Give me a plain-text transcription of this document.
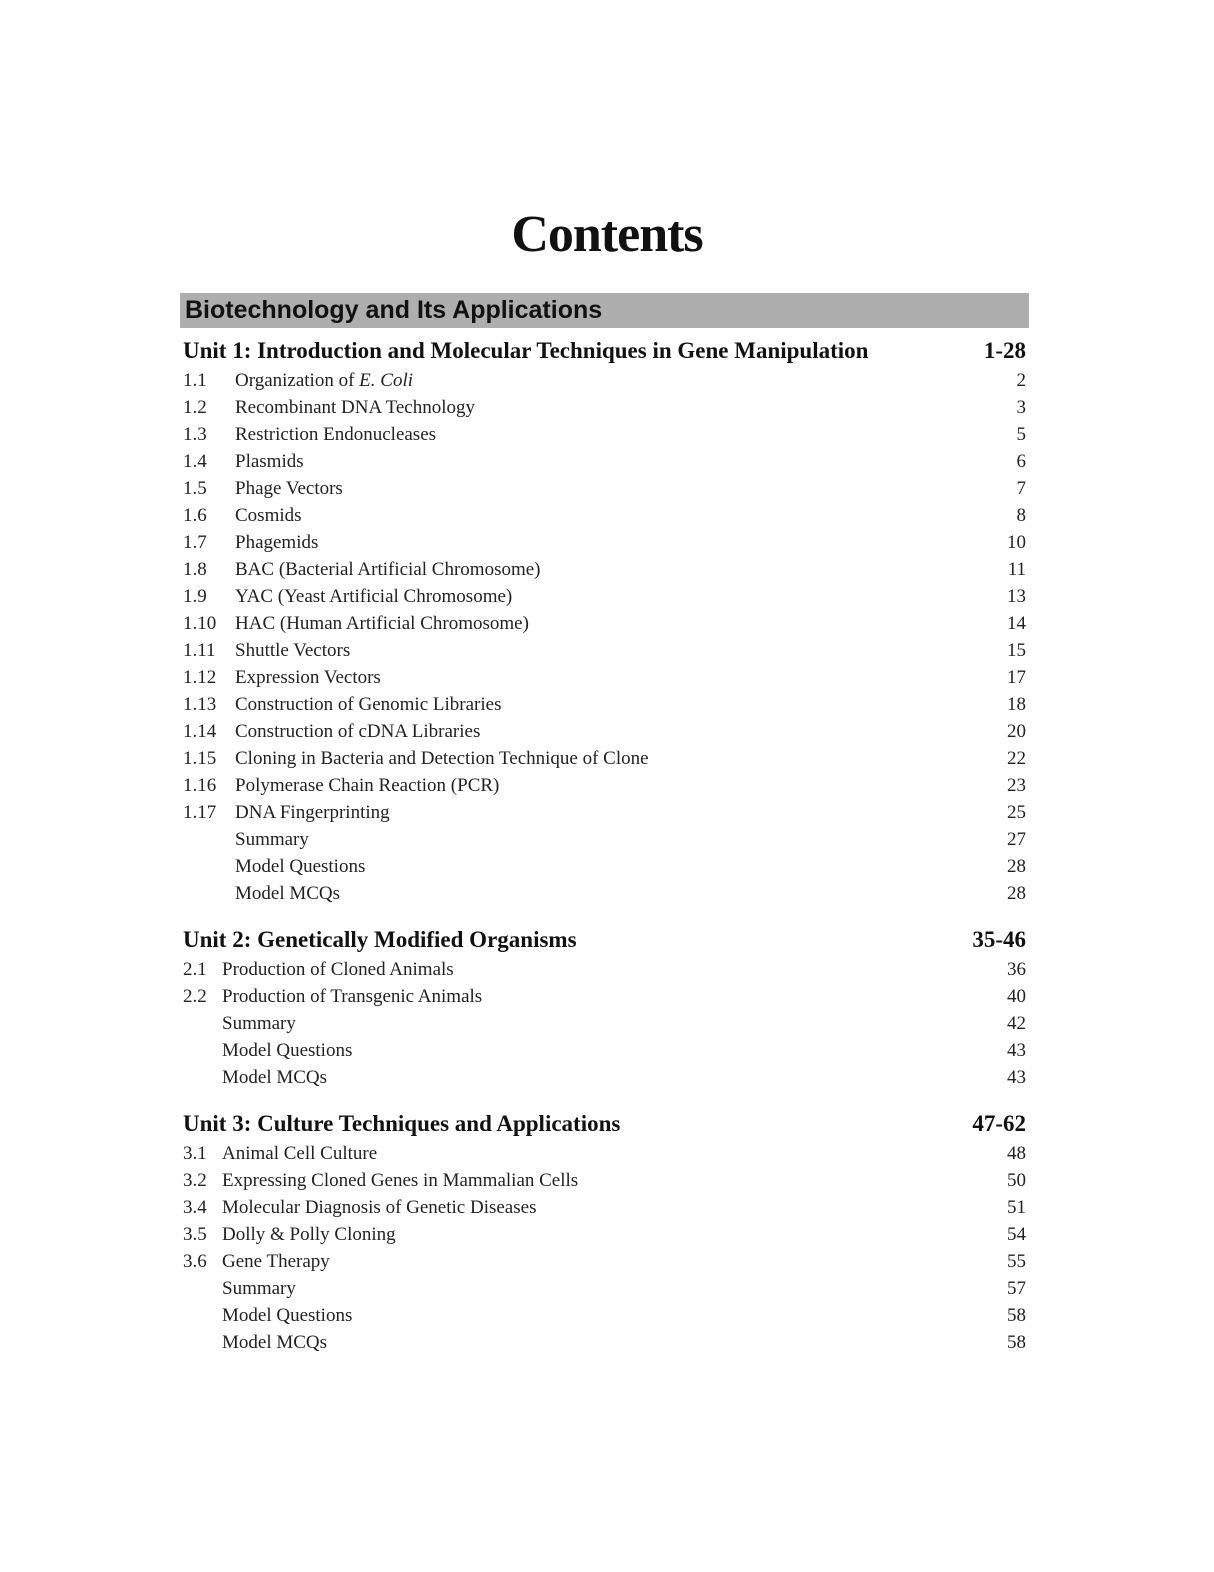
Contents
Biotechnology and Its Applications
Unit 1: Introduction and Molecular Techniques in Gene Manipulation	1-28
1.1	Organization of E. Coli	2
1.2	Recombinant DNA Technology	3
1.3	Restriction Endonucleases	5
1.4	Plasmids	6
1.5	Phage Vectors	7
1.6	Cosmids	8
1.7	Phagemids	10
1.8	BAC (Bacterial Artificial Chromosome)	11
1.9	YAC (Yeast Artificial Chromosome)	13
1.10 HAC (Human Artificial Chromosome)	14
1.11	Shuttle Vectors	15
1.12 Expression Vectors	17
1.13 Construction of Genomic Libraries	18
1.14 Construction of cDNA Libraries	20
1.15 Cloning in Bacteria and Detection Technique of Clone	22
1.16 Polymerase Chain Reaction (PCR)	23
1.17 DNA Fingerprinting	25
Summary	27
Model Questions	28
Model MCQs	28
Unit 2: Genetically Modified Organisms	35-46
2.1 Production of Cloned Animals	36
2.2 Production of Transgenic Animals	40
Summary	42
Model Questions	43
Model MCQs	43
Unit 3: Culture Techniques and Applications	47-62
3.1 Animal Cell Culture	48
3.2 Expressing Cloned Genes in Mammalian Cells	50
3.4 Molecular Diagnosis of Genetic Diseases	51
3.5 Dolly & Polly Cloning	54
3.6 Gene Therapy	55
Summary	57
Model Questions	58
Model MCQs	58
